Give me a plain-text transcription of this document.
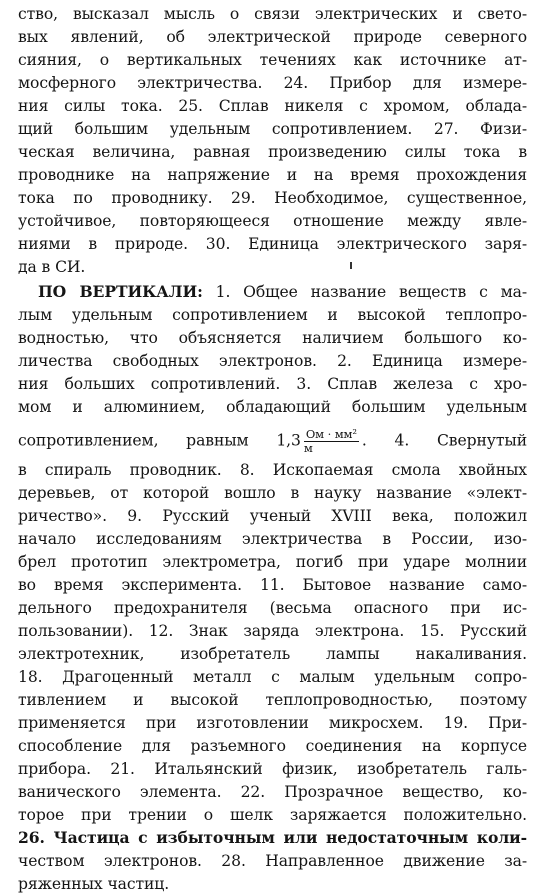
ство, высказал мысль о связи электрических и свето-
вых явлений, об электрической природе северного
сияния, о вертикальных течениях как источнике ат-
мосферного электричества. 24. Прибор для измере-
ния силы тока. 25. Сплав никеля с хромом, облада-
щий большим удельным сопротивлением. 27. Физи-
ческая величина, равная произведению силы тока в
проводнике на напряжение и на время прохождения
тока по проводнику. 29. Необходимое, существенное,
устойчивое, повторяющееся отношение между явле-
ниями в природе. 30. Единица электрического заря-
да в СИ.
ПО ВЕРТИКАЛИ: 1. Общее название веществ с ма-
лым удельным сопротивлением и высокой теплопро-
водностью, что объясняется наличием большого ко-
личества свободных электронов. 2. Единица измере-
ния больших сопротивлений. 3. Сплав железа с хро-
мом и алюминием, обладающий большим удельным
сопротивлением, равным $1,3 \frac{\text{Ом · мм²}}{м}$ . 4. Свернутый
в спираль проводник. 8. Ископаемая смола хвойных
деревьев, от которой вошло в науку название «элект-
ричество». 9. Русский ученый XVIII века, положил
начало исследованиям электричества в России, изо-
брел прототип электрометра, погиб при ударе молнии
во время эксперимента. 11. Бытовое название само-
дельного предохранителя (весьма опасного при ис-
пользовании). 12. Знак заряда электрона. 15. Русский
электротехник, изобретатель лампы накаливания.
18. Драгоценный металл с малым удельным сопро-
тивлением и высокой теплопроводностью, поэтому
применяется при изготовлении микросхем. 19. При-
способление для разъемного соединения на корпусе
прибора. 21. Итальянский физик, изобретатель галь-
ванического элемента. 22. Прозрачное вещество, ко-
торое при трении о шелк заряжается положительно.
26. Частица с избыточным или недостаточным коли-
чеством электронов. 28. Направленное движение за-
ряженных частиц.
